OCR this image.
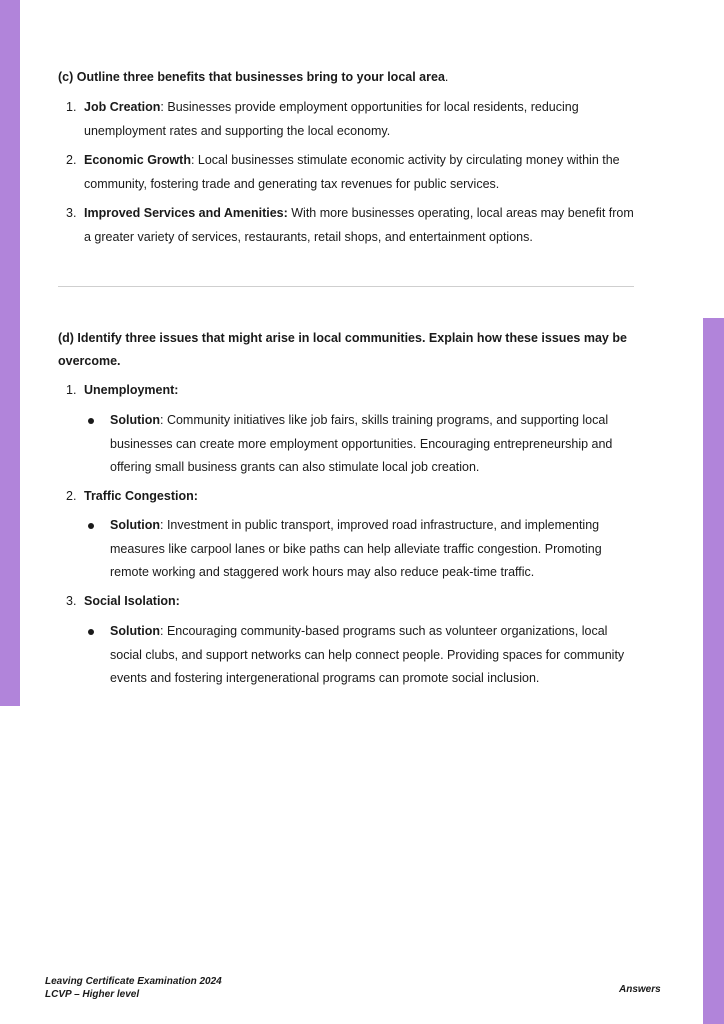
(c) Outline three benefits that businesses bring to your local area.
1. Job Creation: Businesses provide employment opportunities for local residents, reducing unemployment rates and supporting the local economy.
2. Economic Growth: Local businesses stimulate economic activity by circulating money within the community, fostering trade and generating tax revenues for public services.
3. Improved Services and Amenities: With more businesses operating, local areas may benefit from a greater variety of services, restaurants, retail shops, and entertainment options.
(d) Identify three issues that might arise in local communities. Explain how these issues may be overcome.
1. Unemployment:
Solution: Community initiatives like job fairs, skills training programs, and supporting local businesses can create more employment opportunities. Encouraging entrepreneurship and offering small business grants can also stimulate local job creation.
2. Traffic Congestion:
Solution: Investment in public transport, improved road infrastructure, and implementing measures like carpool lanes or bike paths can help alleviate traffic congestion. Promoting remote working and staggered work hours may also reduce peak-time traffic.
3. Social Isolation:
Solution: Encouraging community-based programs such as volunteer organizations, local social clubs, and support networks can help connect people. Providing spaces for community events and fostering intergenerational programs can promote social inclusion.
Leaving Certificate Examination 2024
LCVP – Higher level	Answers
